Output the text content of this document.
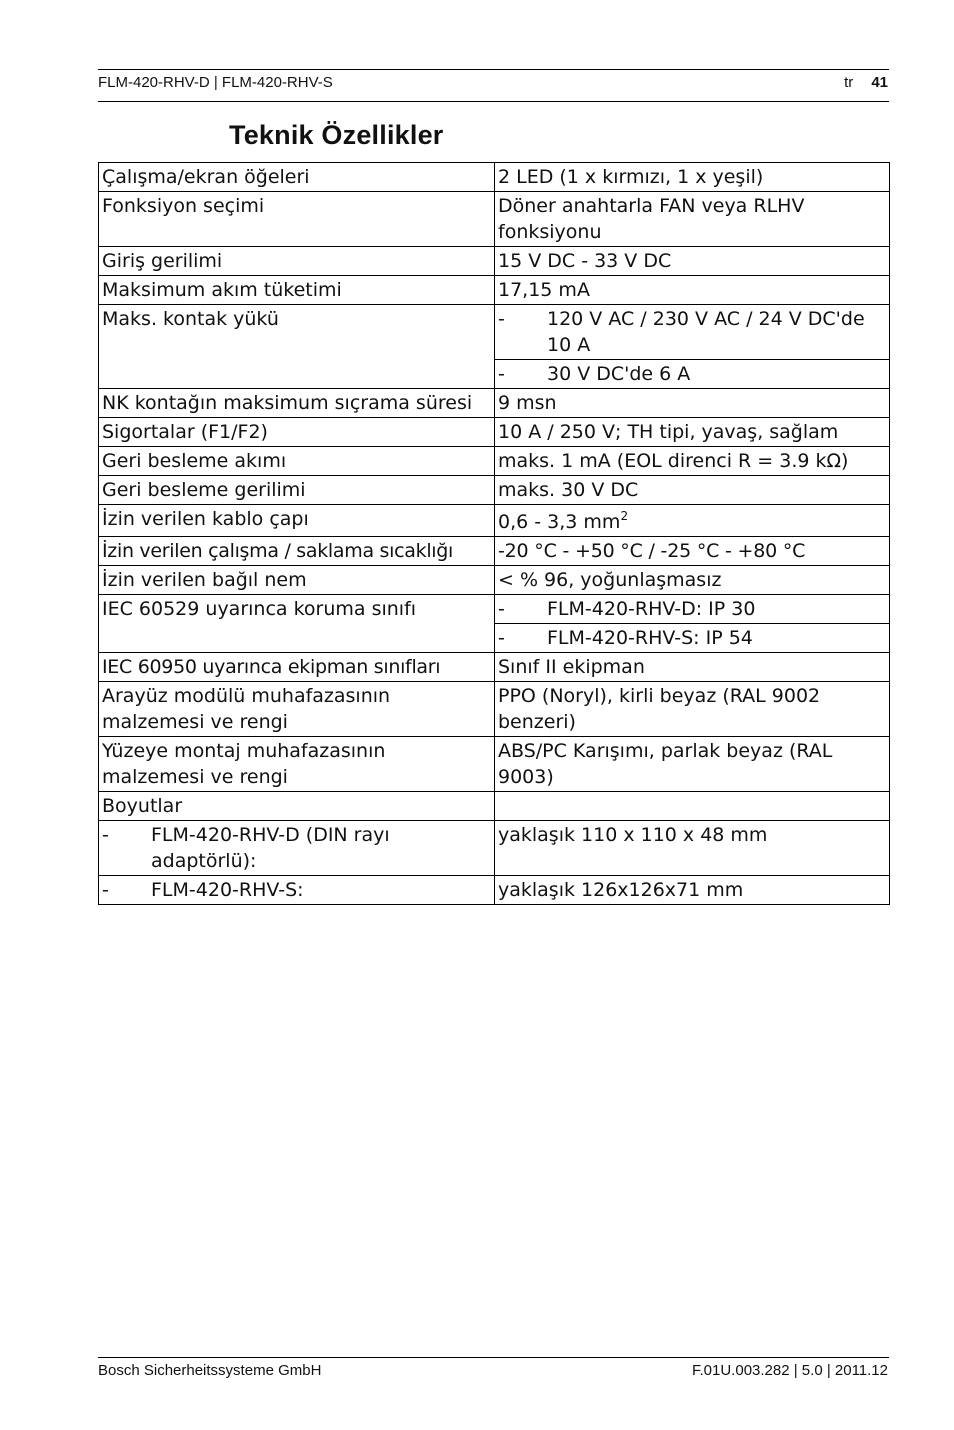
FLM-420-RHV-D | FLM-420-RHV-S	tr 41
Teknik Özellikler
Çalışma/ekran öğeleri	2 LED (1 x kırmızı, 1 x yeşil)
Fonksiyon seçimi	Döner anahtarla FAN veya RLHV fonksiyonu
Giriş gerilimi	15 V DC - 33 V DC
Maksimum akım tüketimi	17,15 mA
Maks. kontak yükü	- 120 V AC / 230 V AC / 24 V DC'de 10 A

	- 30 V DC'de 6 A

NK kontağın maksimum sıçrama süresi	9 msn
Sigortalar (F1/F2)	10 A / 250 V; TH tipi, yavaş, sağlam
Geri besleme akımı	maks. 1 mA (EOL direnci R = 3.9 kΩ)
Geri besleme gerilimi	maks. 30 V DC
İzin verilen kablo çapı	0,6 - 3,3 $mm^2$
İzin verilen çalışma / saklama sıcaklığı	-20 °C - +50 °C / -25 °C - +80 °C
İzin verilen bağıl nem	< % 96, yoğunlaşmasız
IEC 60529 uyarınca koruma sınıfı	- FLM-420-RHV-D: IP 30

	- FLM-420-RHV-S: IP 54

IEC 60950 uyarınca ekipman sınıfları	Sınıf II ekipman
Arayüz modülü muhafazasının malzemesi ve rengi	PPO (Noryl), kirli beyaz (RAL 9002 benzeri)
Yüzeye montaj muhafazasının malzemesi ve rengi	ABS/PC Karışımı, parlak beyaz (RAL 9003)
Boyutlar	

- FLM-420-RHV-D (DIN rayı adaptörlü):	yaklaşık 110 x 110 x 48 mm

- FLM-420-RHV-S:	yaklaşık 126x126x71 mm
Bosch Sicherheitssysteme GmbH	F.01U.003.282 | 5.0 | 2011.12
